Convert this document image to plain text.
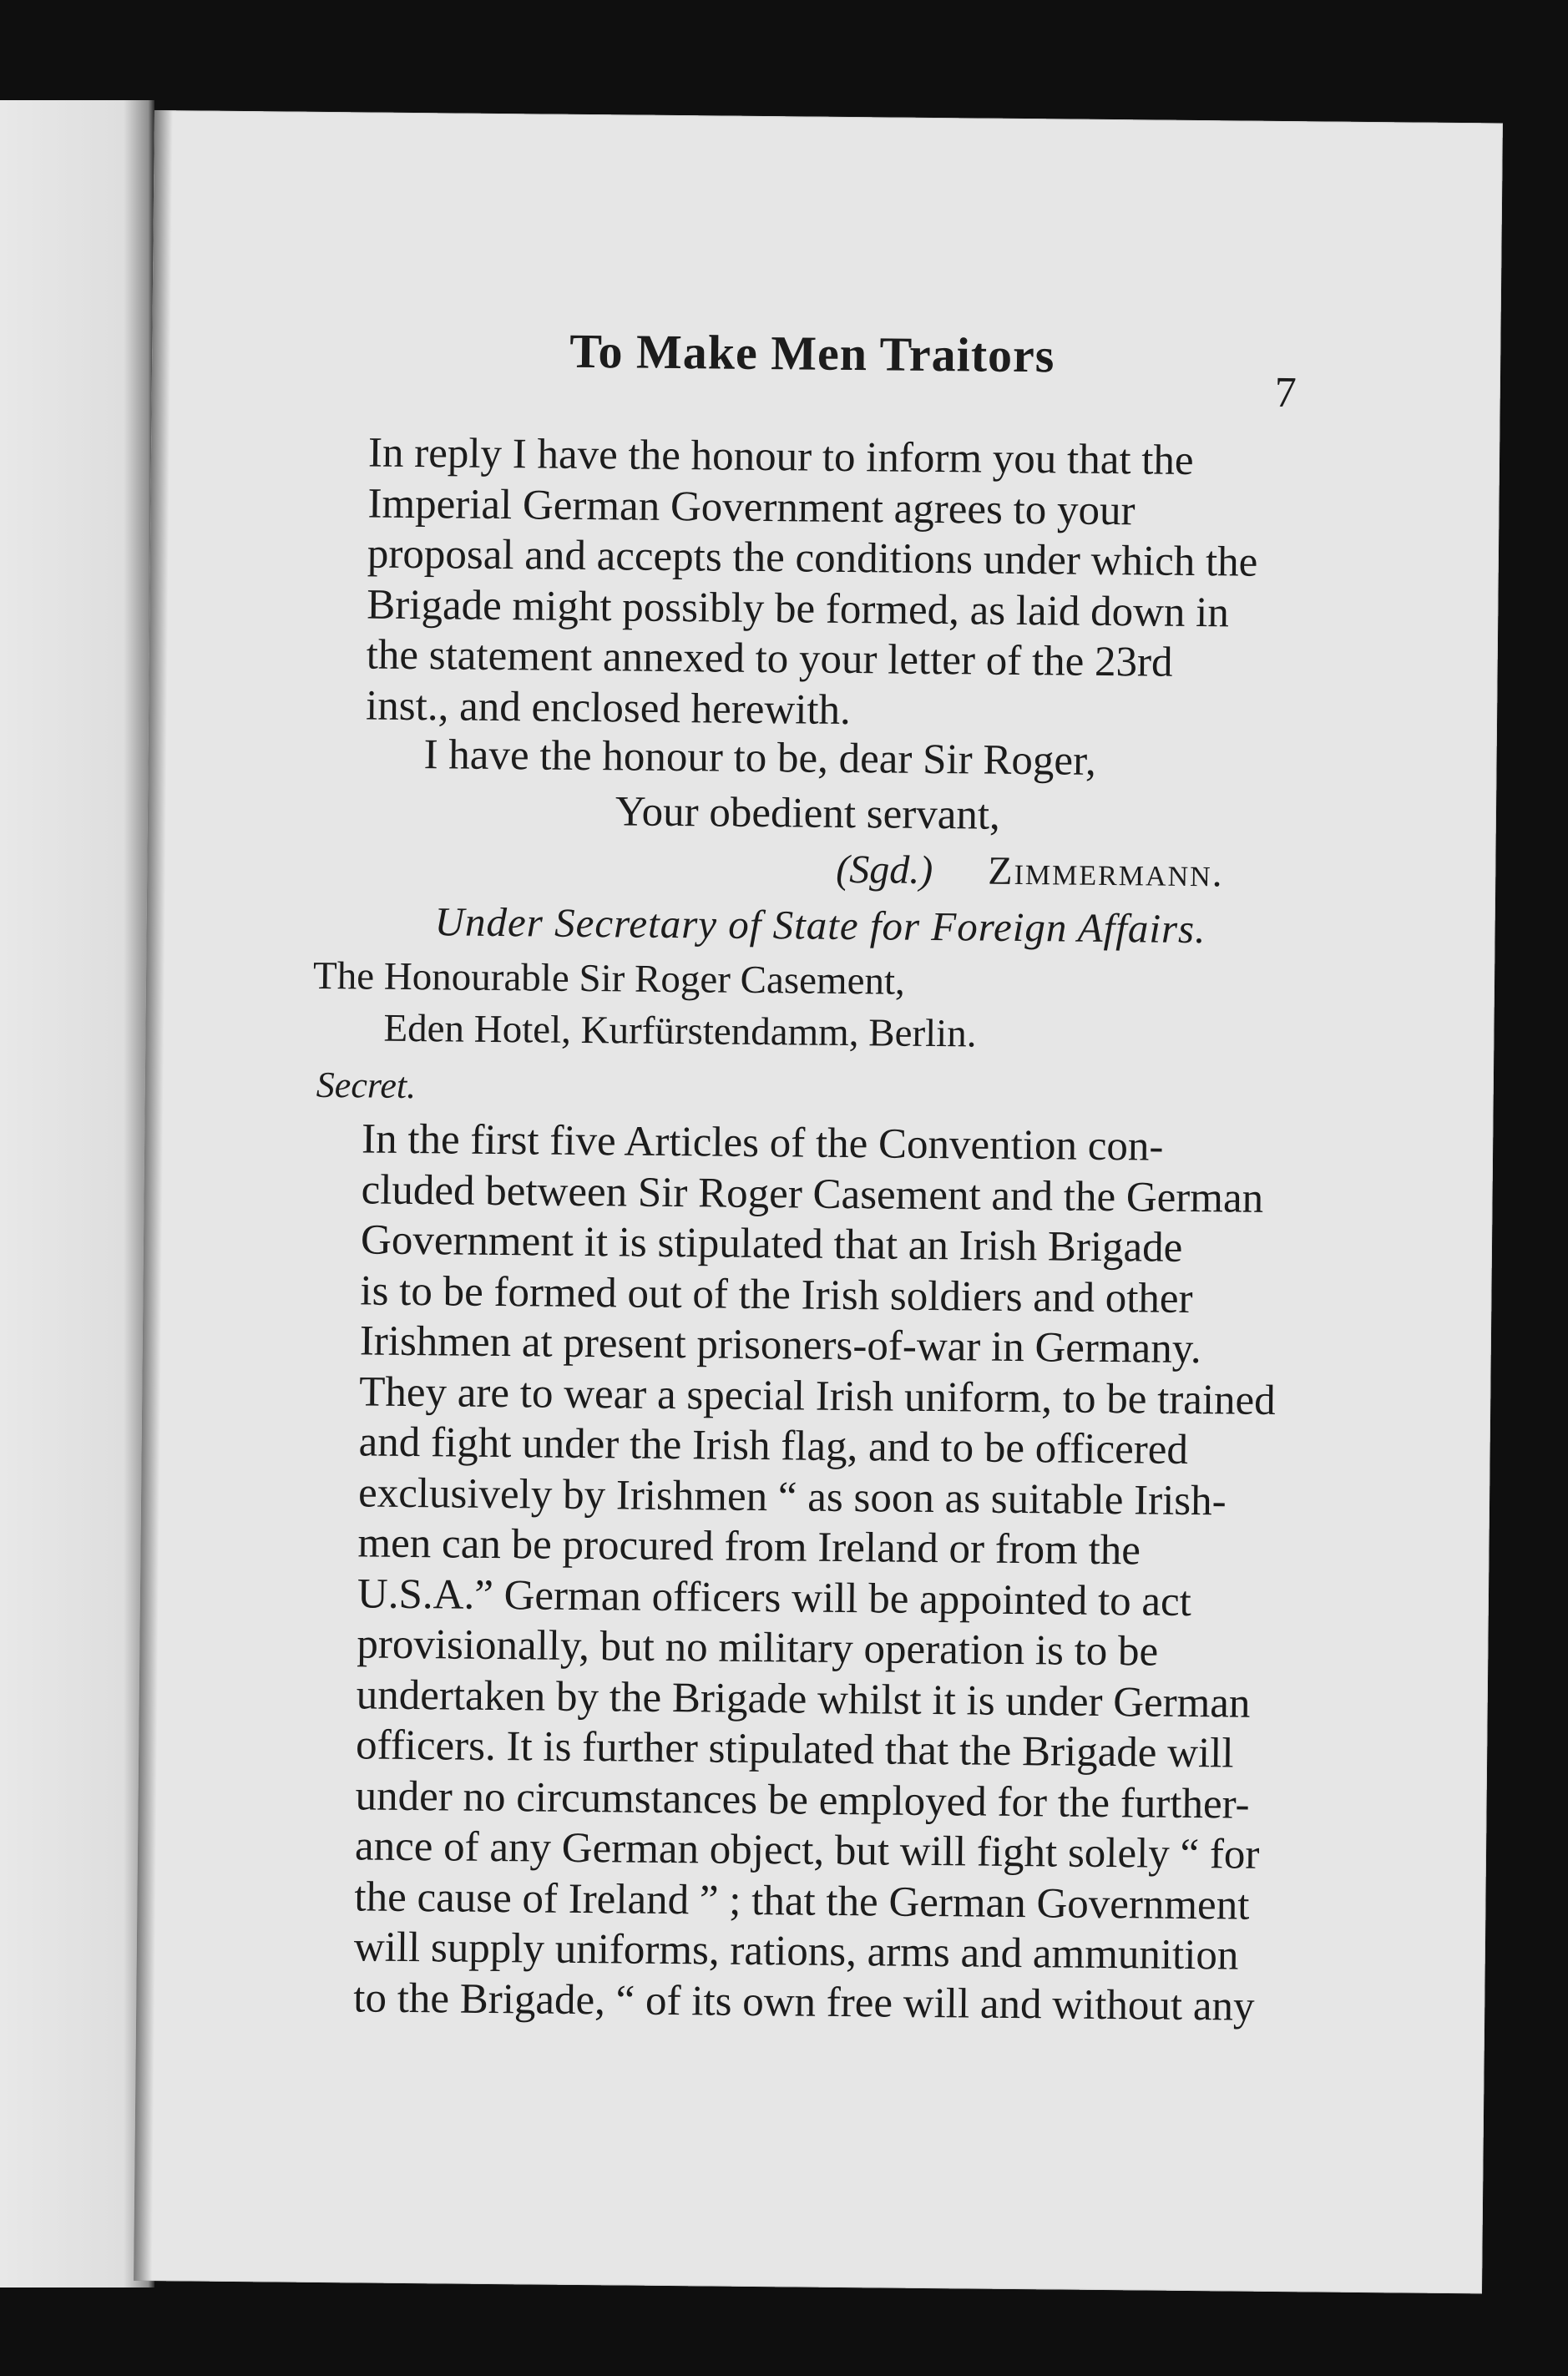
To Make Men Traitors
7
In reply I have the honour to inform you that the
Imperial German Government agrees to your
proposal and accepts the conditions under which the
Brigade might possibly be formed, as laid down in
the statement annexed to your letter of the 23rd
inst., and enclosed herewith.
I have the honour to be, dear Sir Roger,
Your obedient servant,
(Sgd.) Zimmermann.
Under Secretary of State for Foreign Affairs.
The Honourable Sir Roger Casement,
Eden Hotel, Kurfürstendamm, Berlin.
Secret.
In the first five Articles of the Convention con-
cluded between Sir Roger Casement and the German
Government it is stipulated that an Irish Brigade
is to be formed out of the Irish soldiers and other
Irishmen at present prisoners-of-war in Germany.
They are to wear a special Irish uniform, to be trained
and fight under the Irish flag, and to be officered
exclusively by Irishmen “ as soon as suitable Irish-
men can be procured from Ireland or from the
U.S.A.” German officers will be appointed to act
provisionally, but no military operation is to be
undertaken by the Brigade whilst it is under German
officers. It is further stipulated that the Brigade will
under no circumstances be employed for the further-
ance of any German object, but will fight solely “ for
the cause of Ireland ” ; that the German Government
will supply uniforms, rations, arms and ammunition
to the Brigade, “ of its own free will and without any
